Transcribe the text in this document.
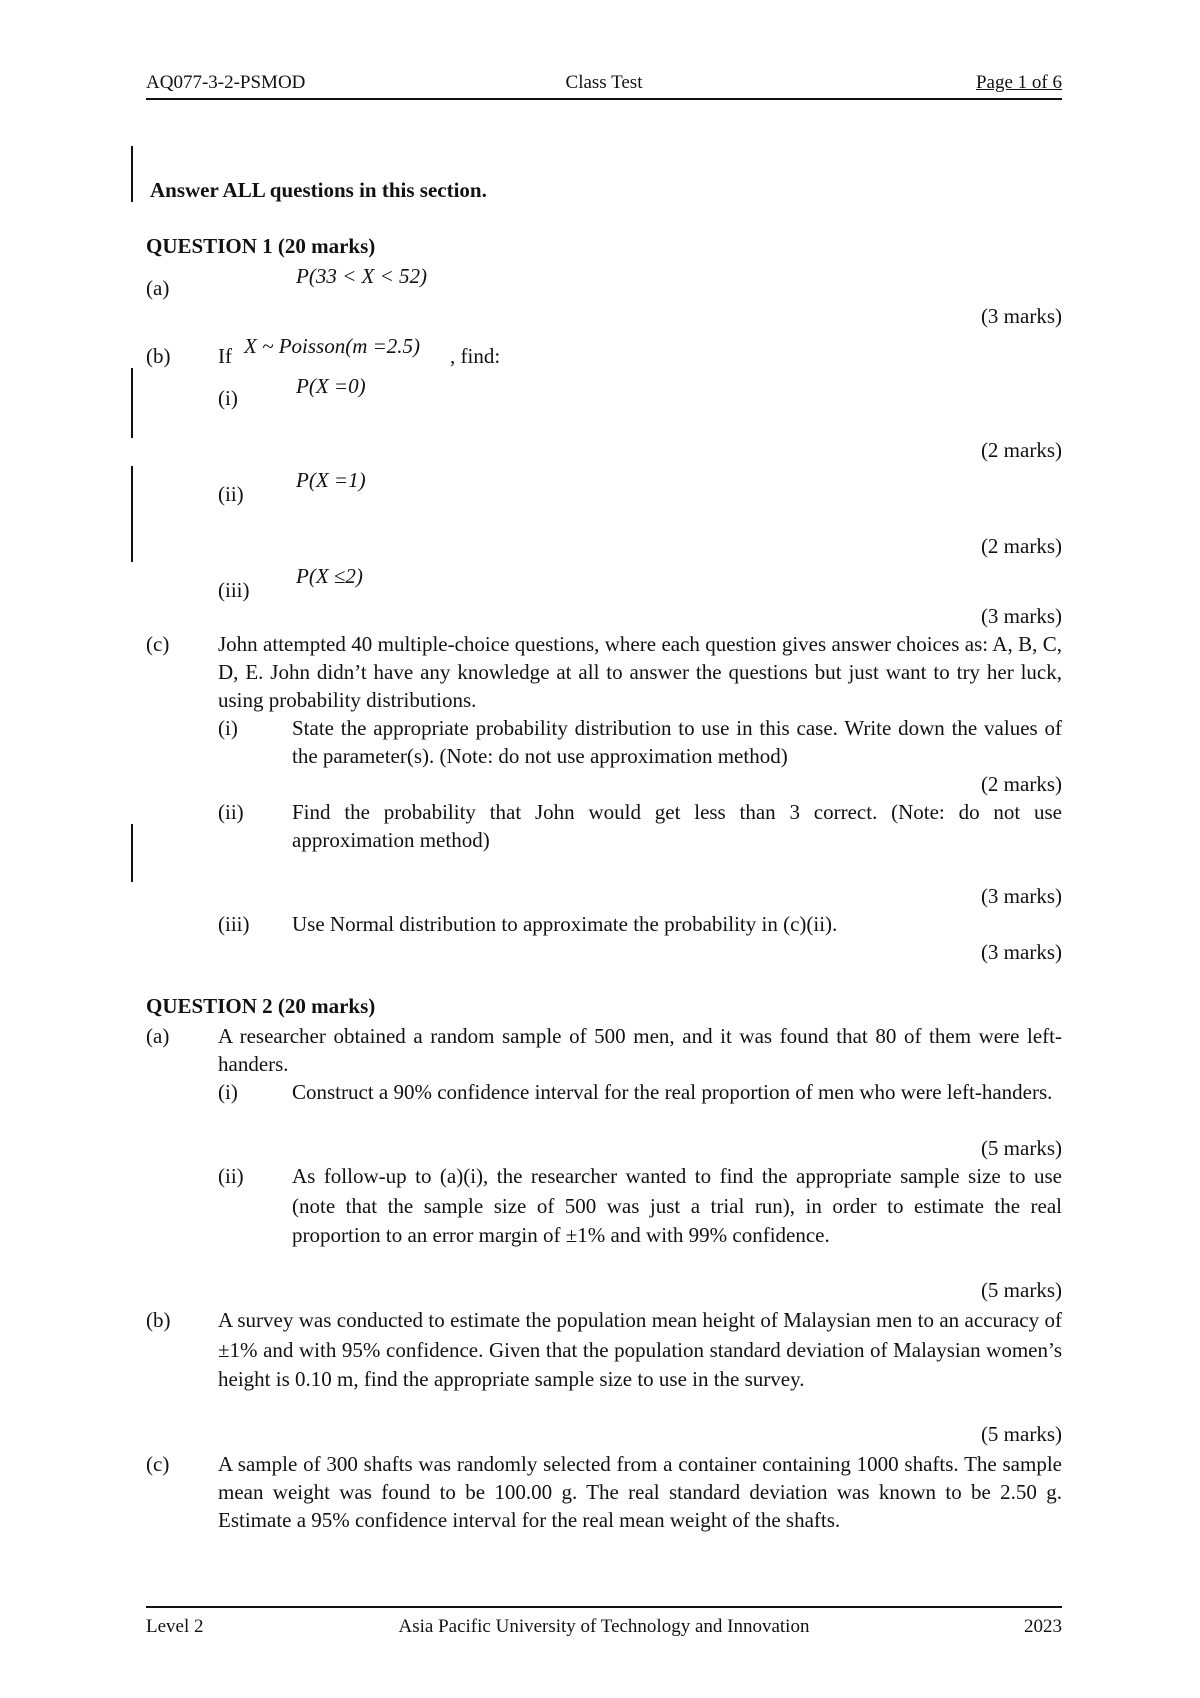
AQ077-3-2-PSMOD	Class Test	Page 1 of 6
Answer ALL questions in this section.
QUESTION 1 (20 marks)
(a)	P(33 < X < 52)
(3 marks)
(b) If X ~ Poisson(m =2.5) , find:
(i)	P(X =0)
(2 marks)
(ii)
P(X =1)
(2 marks)
(iii)
P(X ≤2)
(3 marks)
(c) John attempted 40 multiple-choice questions, where each question gives answer choices as: A, B, C, D, E. John didn’t have any knowledge at all to answer the questions but just want to try her luck, using probability distributions.
(i)	State the appropriate probability distribution to use in this case. Write down the values of the parameter(s). (Note: do not use approximation method)
(2 marks)
(ii) Find the probability that John would get less than 3 correct. (Note: do not use approximation method)
(3 marks)
(iii) Use Normal distribution to approximate the probability in (c)(ii).
(3 marks)
QUESTION 2 (20 marks)
(a) A researcher obtained a random sample of 500 men, and it was found that 80 of them were left-handers.
(i)	Construct a 90% confidence interval for the real proportion of men who were left-handers.
(5 marks)
(ii) As follow-up to (a)(i), the researcher wanted to find the appropriate sample size to use (note that the sample size of 500 was just a trial run), in order to estimate the real proportion to an error margin of ±1% and with 99% confidence.
(5 marks)
(b) A survey was conducted to estimate the population mean height of Malaysian men to an accuracy of ±1% and with 95% confidence. Given that the population standard deviation of Malaysian women’s height is 0.10 m, find the appropriate sample size to use in the survey.
(5 marks)
(c) A sample of 300 shafts was randomly selected from a container containing 1000 shafts. The sample mean weight was found to be 100.00 g. The real standard deviation was known to be 2.50 g. Estimate a 95% confidence interval for the real mean weight of the shafts.
Level 2	Asia Pacific University of Technology and Innovation	2023
